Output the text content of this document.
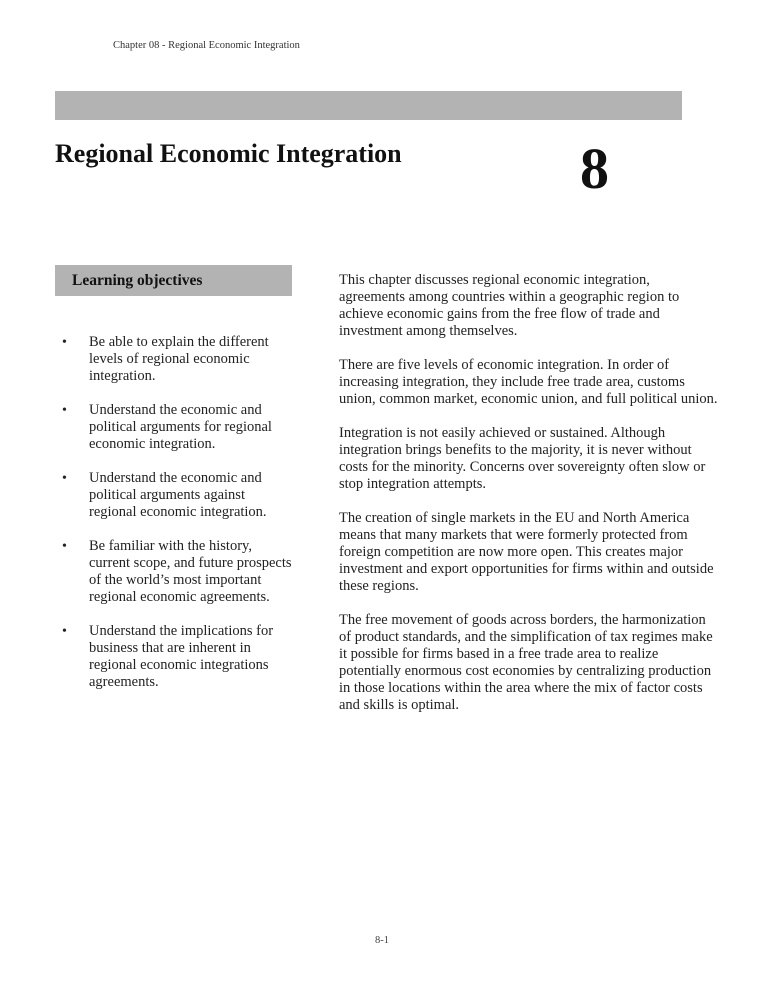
Chapter 08 - Regional Economic Integration
Regional Economic Integration	8
Learning objectives
• Be able to explain the different levels of regional economic integration.
• Understand the economic and political arguments for regional economic integration.
• Understand the economic and political arguments against regional economic integration.
• Be familiar with the history, current scope, and future prospects of the world’s most important regional economic agreements.
• Understand the implications for business that are inherent in regional economic integrations agreements.

This chapter discusses regional economic integration, agreements among countries within a geographic region to achieve economic gains from the free flow of trade and investment among themselves.

There are five levels of economic integration. In order of increasing integration, they include free trade area, customs union, common market, economic union, and full political union.

Integration is not easily achieved or sustained. Although integration brings benefits to the majority, it is never without costs for the minority. Concerns over sovereignty often slow or stop integration attempts.

The creation of single markets in the EU and North America means that many markets that were formerly protected from foreign competition are now more open. This creates major investment and export opportunities for firms within and outside these regions.

The free movement of goods across borders, the harmonization of product standards, and the simplification of tax regimes make it possible for firms based in a free trade area to realize potentially enormous cost economies by centralizing production in those locations within the area where the mix of factor costs and skills is optimal.

8-1
